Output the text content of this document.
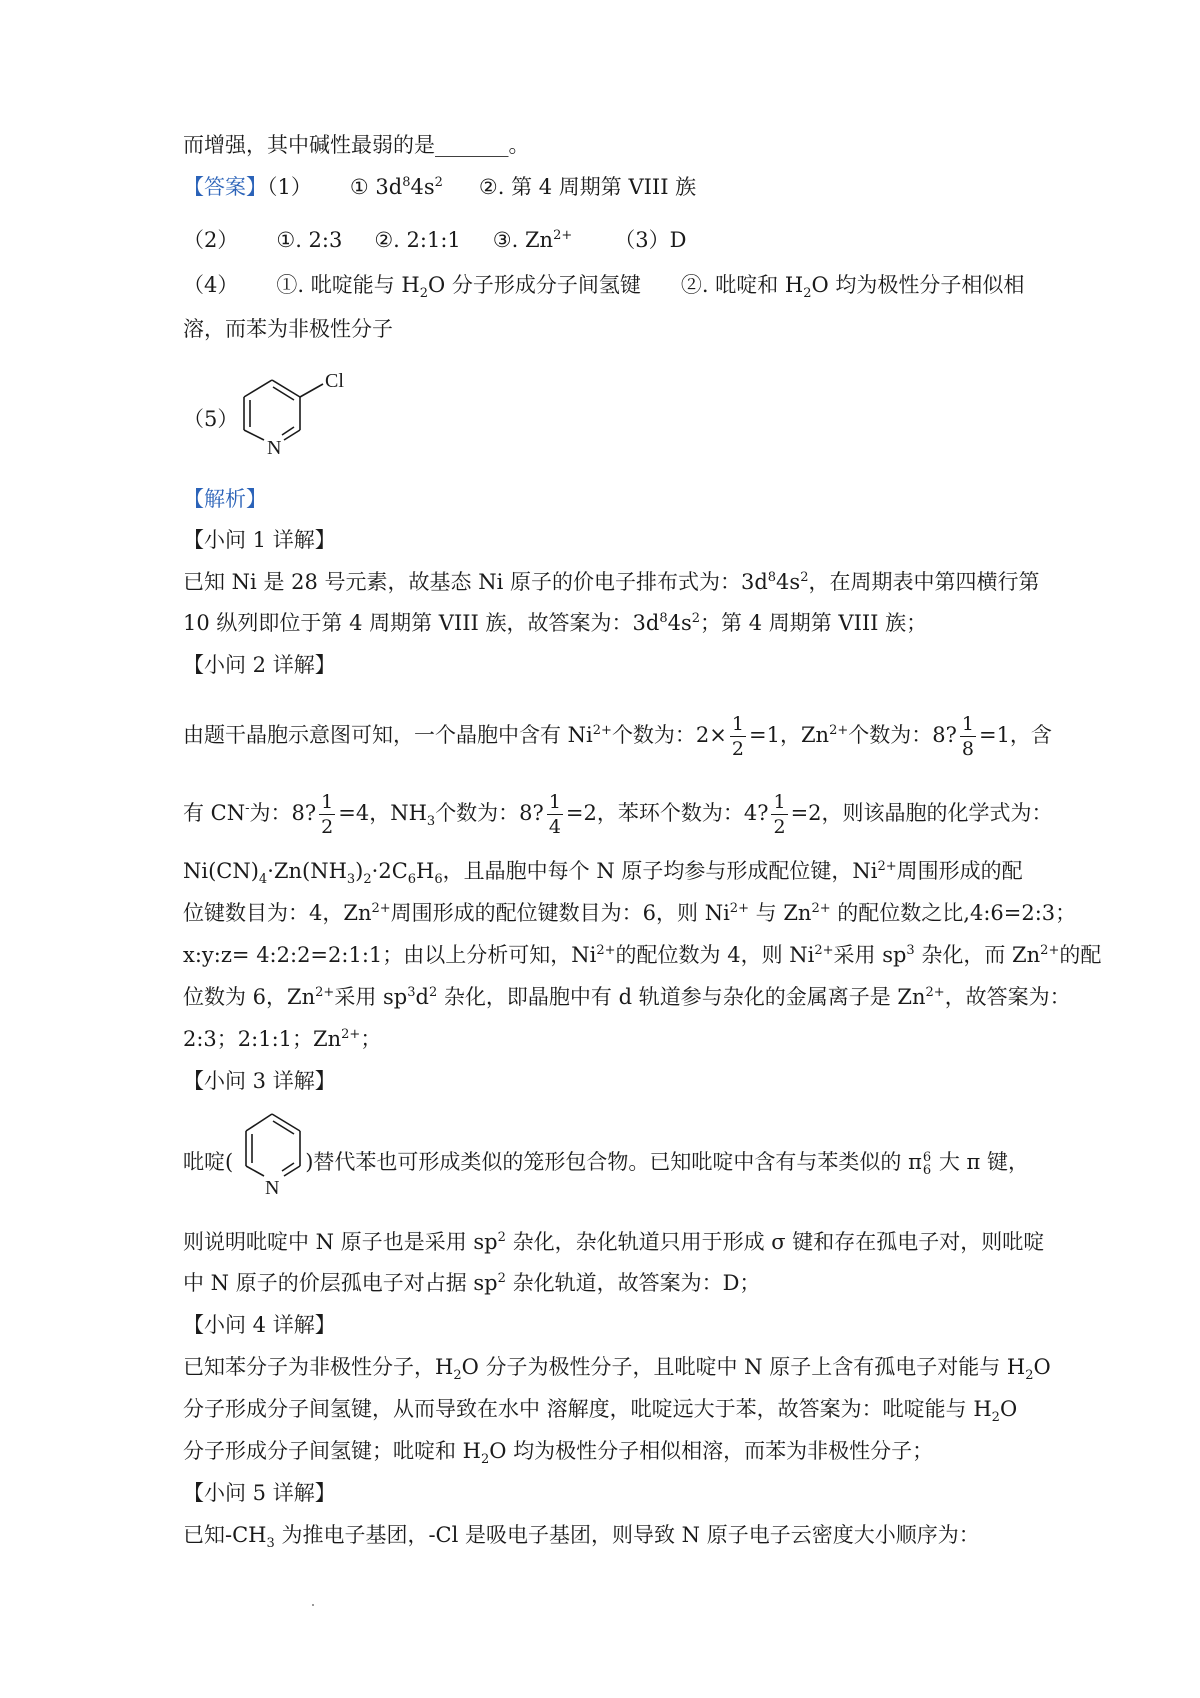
而增强，其中碱性最弱的是_______。
【答案】（1） ① $3d^84s^2$ ②. 第 4 周期第 VIII 族
（2） ①. 2:3 ②. 2:1:1 ③. $Zn^{2+}$ （3）D
（4） ①. 吡啶能与 $H_2O$ 分子形成分子间氢键 ②. 吡啶和 $H_2O$ 均为极性分子相似相
溶，而苯为非极性分子
（5）
Cl
N
【解析】
【小问 1 详解】
已知 Ni 是 28 号元素，故基态 Ni 原子的价电子排布式为：$3d^84s^2$，在周期表中第四横行第
10 纵列即位于第 4 周期第 VIII 族，故答案为：$3d^84s^2$；第 4 周期第 VIII 族；
【小问 2 详解】
由题干晶胞示意图可知，一个晶胞中含有 $Ni^{2+}$个数为：$2\times \frac{1}{2} =1$，$Zn^{2+}$个数为：8? $\frac{1}{8} =1$，含
有 CN-为：8? $\frac{1}{2} =4$，$NH_3$个数为：8? $\frac{1}{4} =2$，苯环个数为：4? $\frac{1}{2} =2$，则该晶胞的化学式为：
$Ni(CN)_4\cdot Zn(NH_3)_2\cdot 2C_6H_6$，且晶胞中每个 N 原子均参与形成配位键，$Ni^{2+}$周围形成的配
位键数目为：4，$Zn^{2+}$周围形成的配位键数目为：6，则 $Ni^{2+}$ 与 $Zn^{2+}$ 的配位数之比,4:6=2:3；
x:y:z= 4:2:2=2:1:1；由以上分析可知，$Ni^{2+}$的配位数为 4，则 $Ni^{2+}$采用 $sp^3$ 杂化，而 $Zn^{2+}$的配
位数为 6，$Zn^{2+}$采用 $sp^3d^2$ 杂化，即晶胞中有 d 轨道参与杂化的金属离子是 $Zn^{2+}$，故答案为：
2:3；2:1:1；$Zn^{2+}$；
【小问 3 详解】
吡啶(	)替代苯也可形成类似的笼形包合物。已知吡啶中含有与苯类似的 π 6
6 大 π 键，
N
则说明吡啶中 N 原子也是采用 $sp^2$ 杂化，杂化轨道只用于形成 σ 键和存在孤电子对，则吡啶
中 N 原子的价层孤电子对占据 $sp^2$ 杂化轨道，故答案为：D；
【小问 4 详解】
已知苯分子为非极性分子，$H_2O$ 分子为极性分子，且吡啶中 N 原子上含有孤电子对能与 $H_2O$
分子形成分子间氢键，从而导致在水中 溶解度，吡啶远大于苯，故答案为：吡啶能与 $H_2O$
分子形成分子间氢键；吡啶和 $H_2O$ 均为极性分子相似相溶，而苯为非极性分子；
【小问 5 详解】
已知$-CH_3$ 为推电子基团，-Cl 是吸电子基团，则导致 N 原子电子云密度大小顺序为：
